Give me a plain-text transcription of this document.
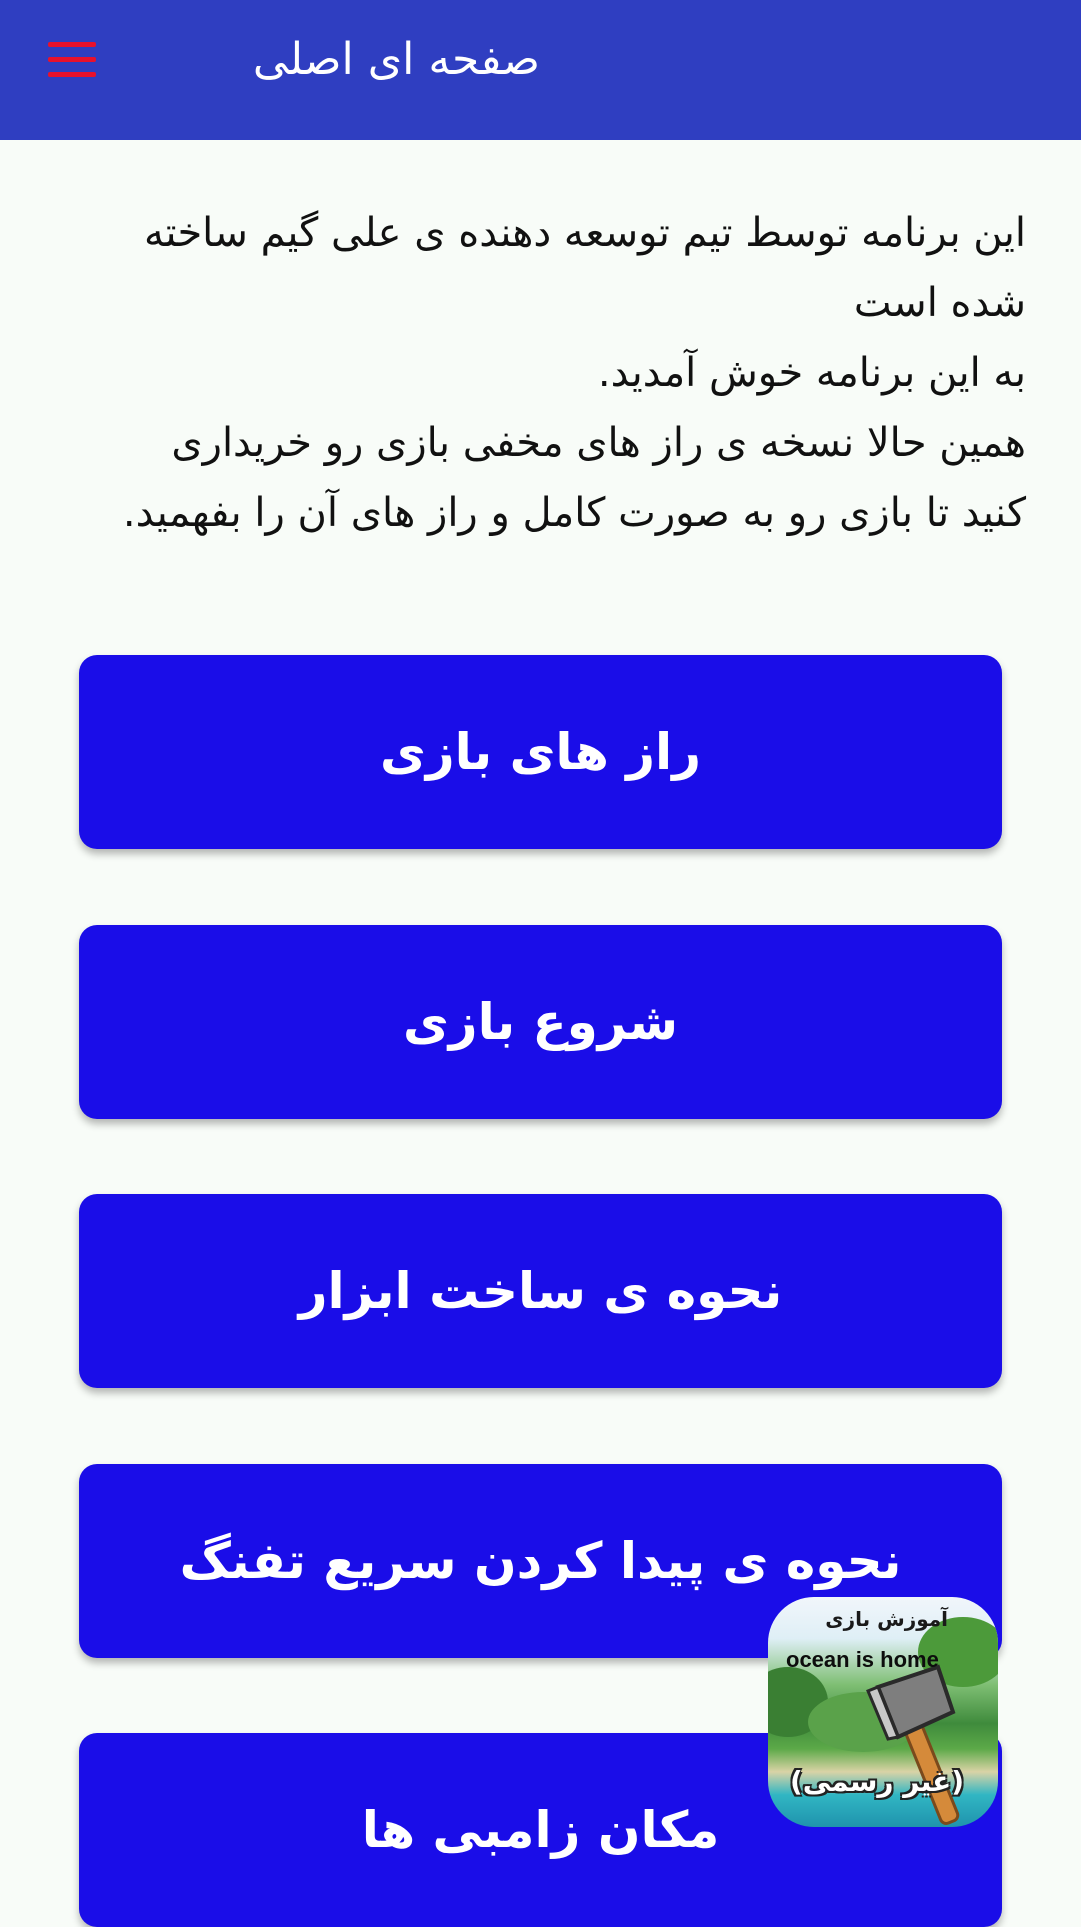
صفحه ای اصلی
این برنامه توسط تیم توسعه دهنده ی علی گیم ساخته
شده است
به این برنامه خوش آمدید.
همین حالا نسخه ی راز های مخفی بازی رو خریداری
کنید تا بازی رو به صورت کامل و راز های آن را بفهمید.
راز های بازی
شروع بازی
نحوه ی ساخت ابزار
نحوه ی پیدا کردن سریع تفنگ
مکان زامبی ها
آموزش بازی
ocean is home
(غیر رسمی)
